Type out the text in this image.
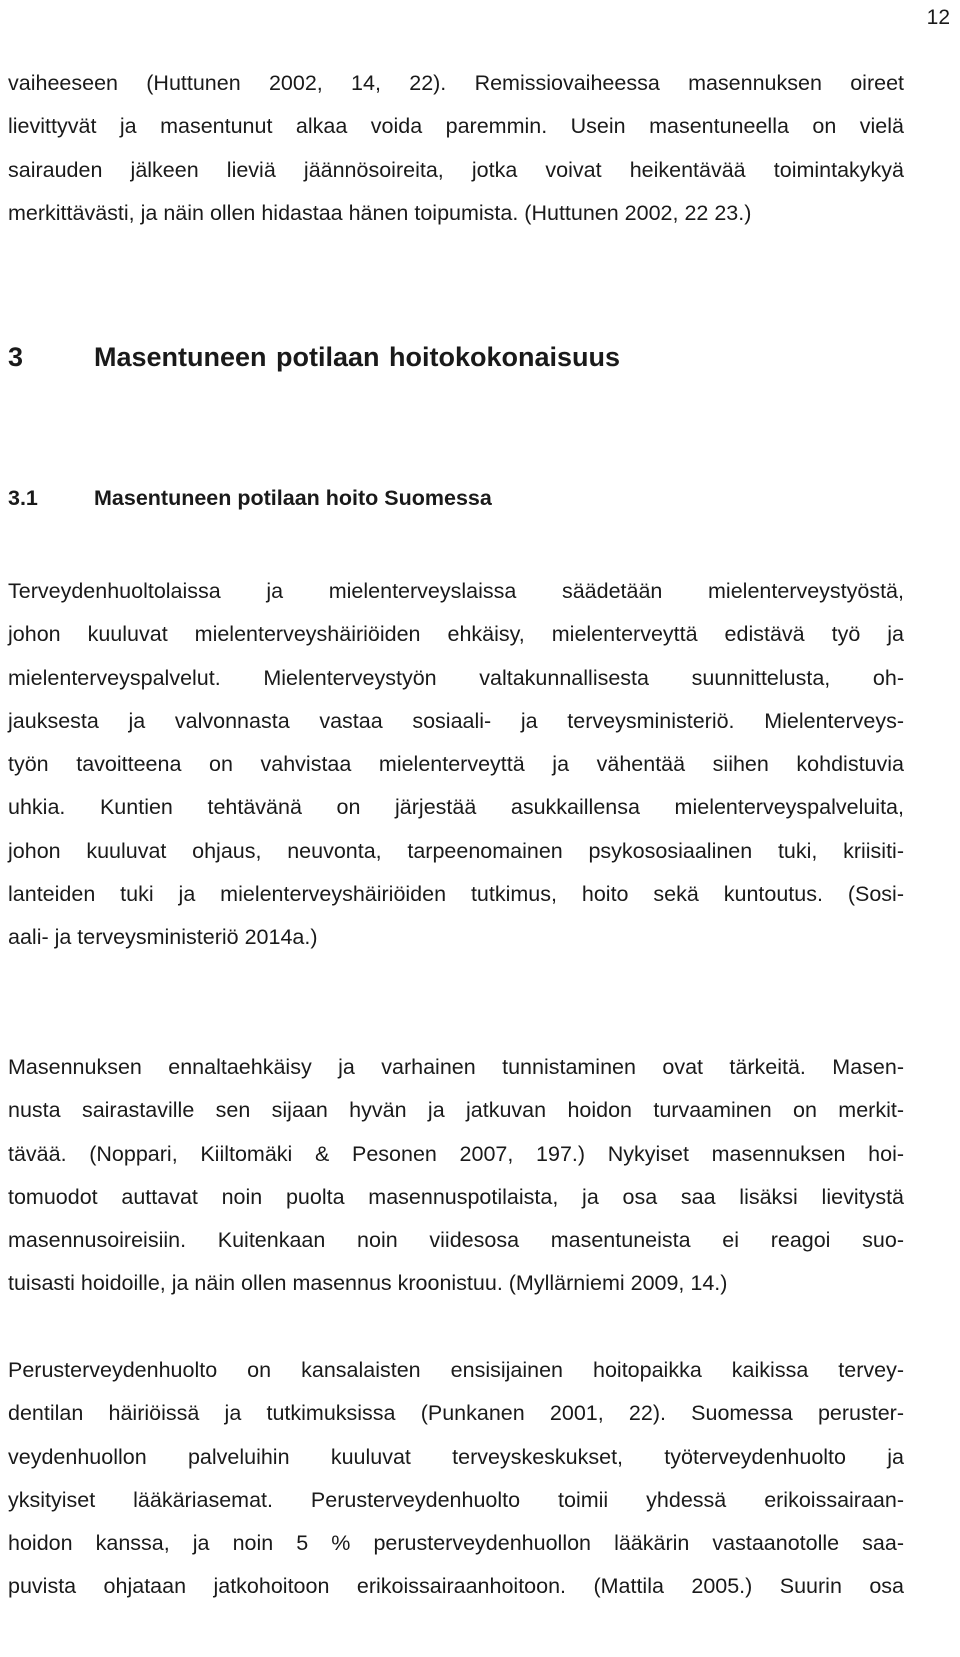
12
vaiheeseen (Huttunen 2002, 14, 22). Remissiovaiheessa masennuksen oireet
lievittyvät ja masentunut alkaa voida paremmin. Usein masentuneella on vielä
sairauden jälkeen lieviä jäännösoireita, jotka voivat heikentävää toimintakykyä
merkittävästi, ja näin ollen hidastaa hänen toipumista. (Huttunen 2002, 22 23.)
3	Masentuneen potilaan hoitokokonaisuus
3.1	Masentuneen potilaan hoito Suomessa
Terveydenhuoltolaissa ja mielenterveyslaissa säädetään mielenterveystyöstä,
johon kuuluvat mielenterveyshäiriöiden ehkäisy, mielenterveyttä edistävä työ ja
mielenterveyspalvelut. Mielenterveystyön valtakunnallisesta suunnittelusta, oh-
jauksesta ja valvonnasta vastaa sosiaali- ja terveysministeriö. Mielenterveys-
työn tavoitteena on vahvistaa mielenterveyttä ja vähentää siihen kohdistuvia
uhkia. Kuntien tehtävänä on järjestää asukkaillensa mielenterveyspalveluita,
johon kuuluvat ohjaus, neuvonta, tarpeenomainen psykososiaalinen tuki, kriisiti-
lanteiden tuki ja mielenterveyshäiriöiden tutkimus, hoito sekä kuntoutus. (Sosi-
aali- ja terveysministeriö 2014a.)
Masennuksen ennaltaehkäisy ja varhainen tunnistaminen ovat tärkeitä. Masen-
nusta sairastaville sen sijaan hyvän ja jatkuvan hoidon turvaaminen on merkit-
tävää. (Noppari, Kiiltomäki & Pesonen 2007, 197.) Nykyiset masennuksen hoi-
tomuodot auttavat noin puolta masennuspotilaista, ja osa saa lisäksi lievitystä
masennusoireisiin. Kuitenkaan noin viidesosa masentuneista ei reagoi suo-
tuisasti hoidoille, ja näin ollen masennus kroonistuu. (Myllärniemi 2009, 14.)
Perusterveydenhuolto on kansalaisten ensisijainen hoitopaikka kaikissa tervey-
dentilan häiriöissä ja tutkimuksissa (Punkanen 2001, 22). Suomessa peruster-
veydenhuollon palveluihin kuuluvat terveyskeskukset, työterveydenhuolto ja
yksityiset lääkäriasemat. Perusterveydenhuolto toimii yhdessä erikoissairaan-
hoidon kanssa, ja noin 5 % perusterveydenhuollon lääkärin vastaanotolle saa-
puvista ohjataan jatkohoitoon erikoissairaanhoitoon. (Mattila 2005.) Suurin osa
